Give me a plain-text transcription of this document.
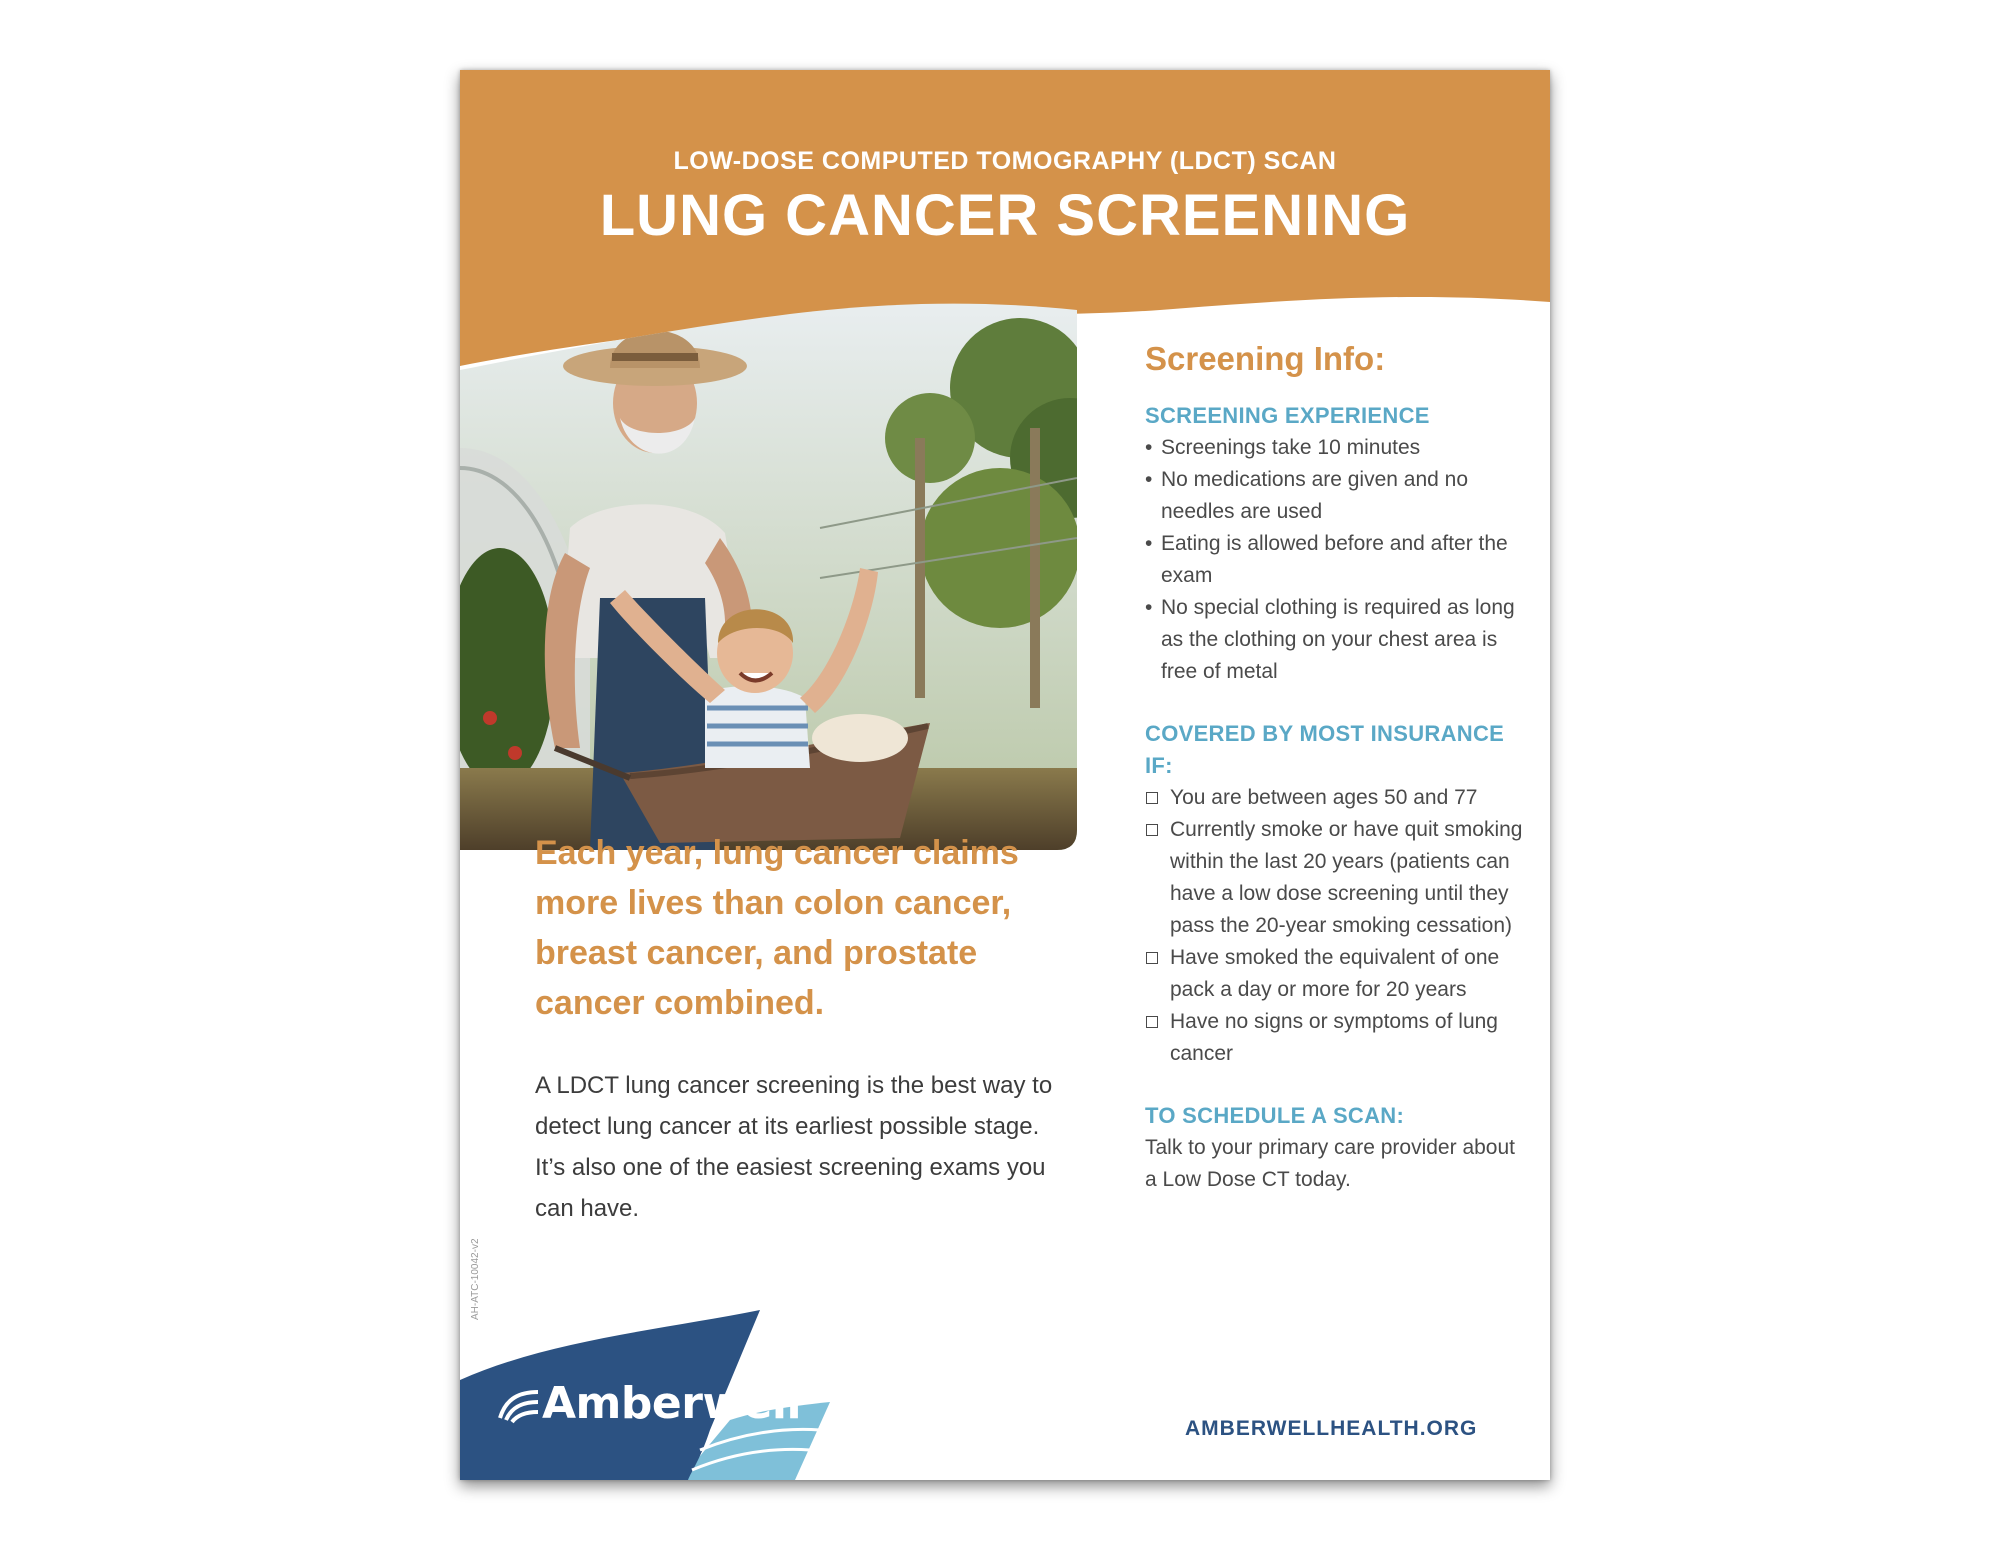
LOW-DOSE COMPUTED TOMOGRAPHY (LDCT) SCAN
LUNG CANCER SCREENING
Each year, lung cancer claims more lives than colon cancer, breast cancer, and prostate cancer combined.
A LDCT lung cancer screening is the best way to detect lung cancer at its earliest possible stage. It’s also one of the easiest screening exams you can have.
AH-ATC-10042-v2
Screening Info:
SCREENING EXPERIENCE
• Screenings take 10 minutes
• No medications are given and no needles are used
• Eating is allowed before and after the exam
• No special clothing is required as long as the clothing on your chest area is free of metal
COVERED BY MOST INSURANCE IF:
You are between ages 50 and 77
Currently smoke or have quit smoking within the last 20 years (patients can have a low dose screening until they pass the 20-year smoking cessation)
Have smoked the equivalent of one pack a day or more for 20 years
Have no signs or symptoms of lung cancer
TO SCHEDULE A SCAN:

Talk to your primary care provider about a Low Dose CT today.

Amberwell	AMBERWELLHEALTH.ORG
